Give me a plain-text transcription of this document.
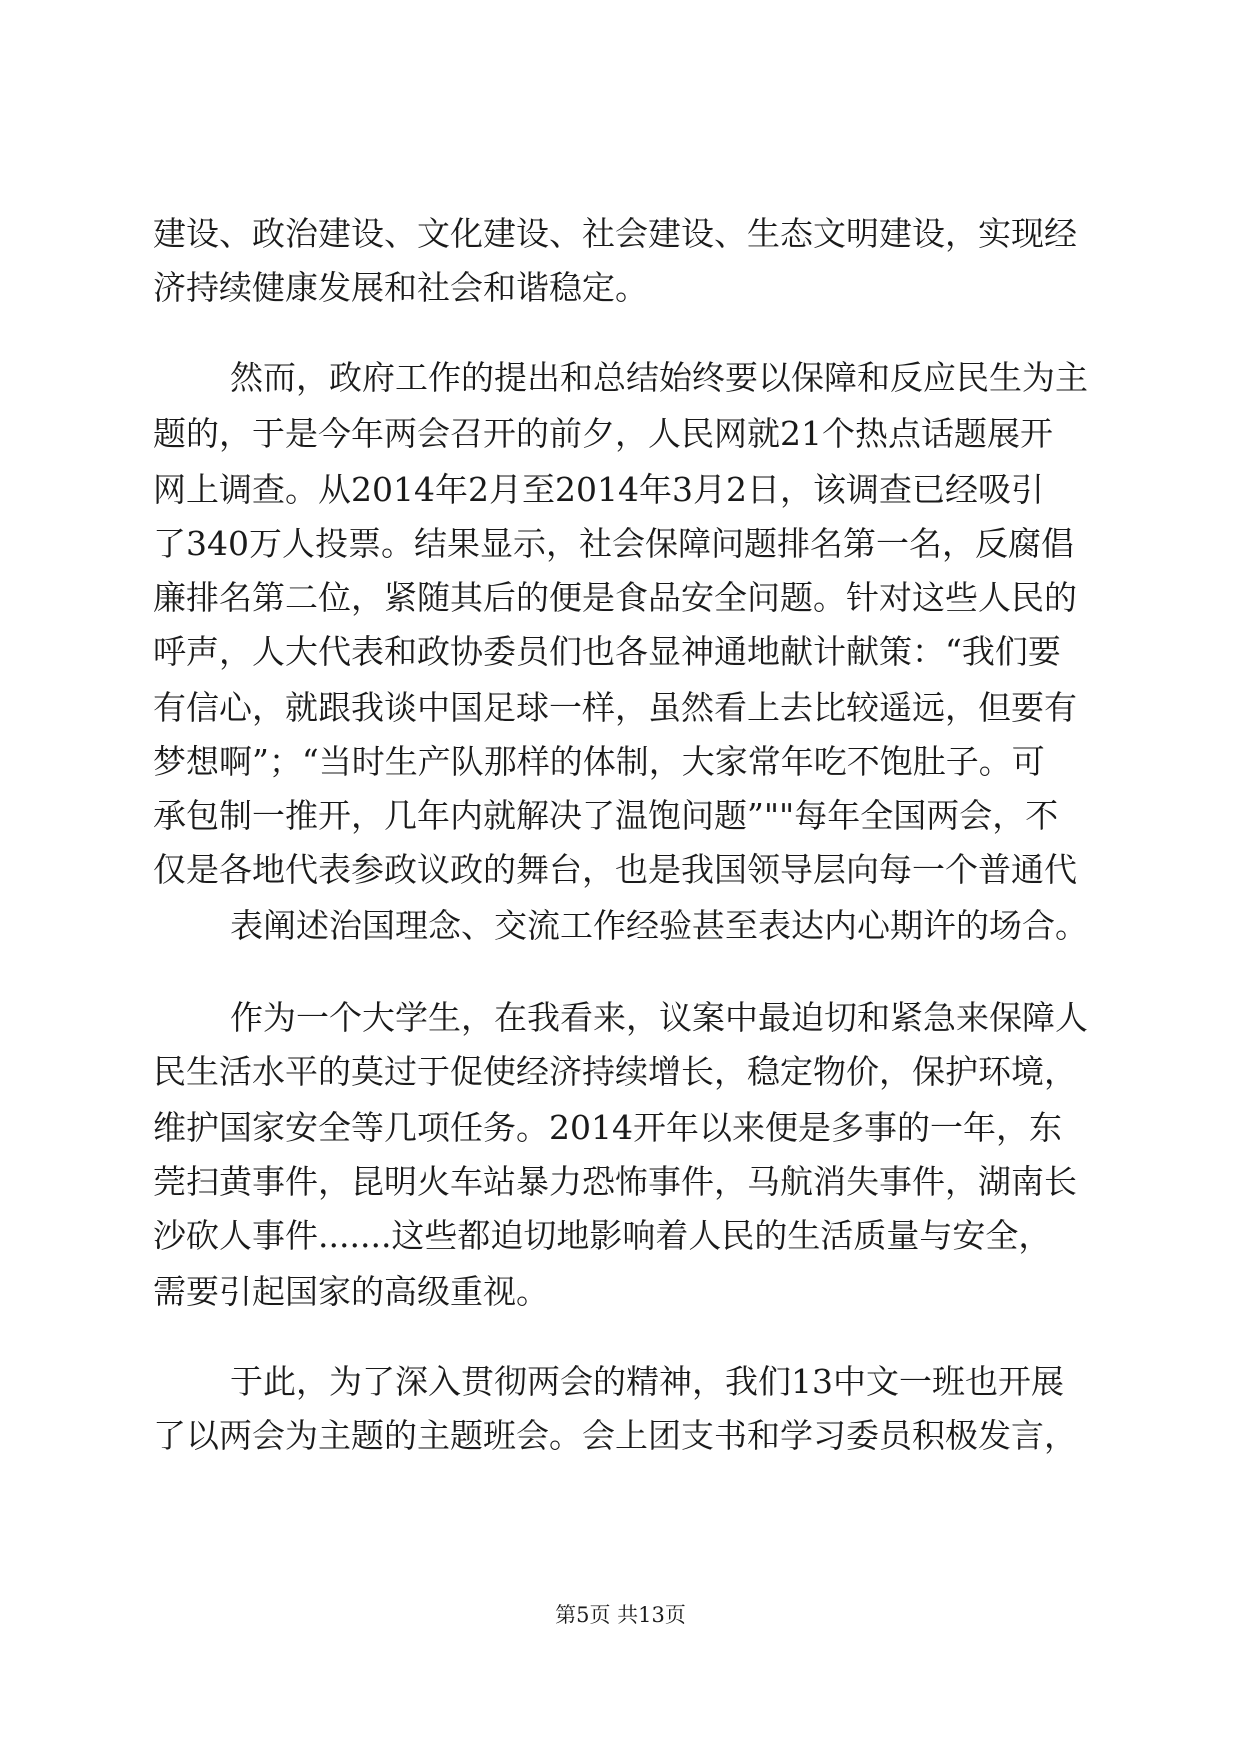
建设、政治建设、文化建设、社会建设、生态文明建设，实现经
济持续健康发展和社会和谐稳定。
然而，政府工作的提出和总结始终要以保障和反应民生为主
题的，于是今年两会召开的前夕，人民网就21个热点话题展开
网上调查。从2014年2月至2014年3月2日，该调查已经吸引
了340万人投票。结果显示，社会保障问题排名第一名，反腐倡
廉排名第二位，紧随其后的便是食品安全问题。针对这些人民的
呼声，人大代表和政协委员们也各显神通地献计献策：“我们要
有信心，就跟我谈中国足球一样，虽然看上去比较遥远，但要有
梦想啊”；“当时生产队那样的体制，大家常年吃不饱肚子。可
承包制一推开，几年内就解决了温饱问题”""每年全国两会，不
仅是各地代表参政议政的舞台，也是我国领导层向每一个普通代
表阐述治国理念、交流工作经验甚至表达内心期许的场合。
作为一个大学生，在我看来，议案中最迫切和紧急来保障人
民生活水平的莫过于促使经济持续增长，稳定物价，保护环境，
维护国家安全等几项任务。2014开年以来便是多事的一年，东
莞扫黄事件，昆明火车站暴力恐怖事件，马航消失事件，湖南长
沙砍人事件.......这些都迫切地影响着人民的生活质量与安全，
需要引起国家的高级重视。
于此，为了深入贯彻两会的精神，我们13中文一班也开展
了以两会为主题的主题班会。会上团支书和学习委员积极发言，
第5页 共13页
